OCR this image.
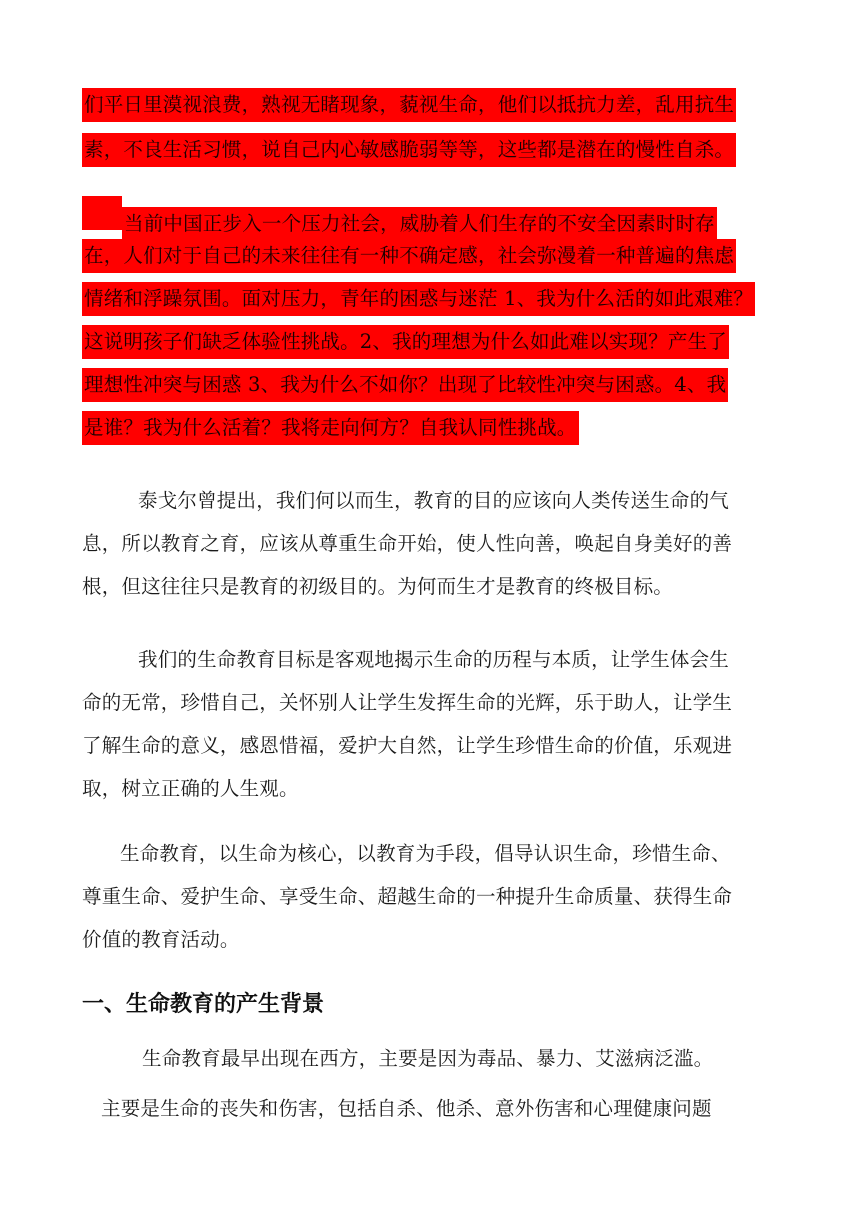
们平日里漠视浪费，熟视无睹现象，藐视生命，他们以抵抗力差，乱用抗生
素，不良生活习惯，说自己内心敏感脆弱等等，这些都是潜在的慢性自杀。
当前中国正步入一个压力社会，威胁着人们生存的不安全因素时时存
在，人们对于自己的未来往往有一种不确定感，社会弥漫着一种普遍的焦虑
情绪和浮躁氛围。面对压力，青年的困惑与迷茫 1、我为什么活的如此艰难？
这说明孩子们缺乏体验性挑战。2、我的理想为什么如此难以实现？产生了
理想性冲突与困惑 3、我为什么不如你？出现了比较性冲突与困惑。4、我
是谁？我为什么活着？我将走向何方？自我认同性挑战。
泰戈尔曾提出，我们何以而生，教育的目的应该向人类传送生命的气
息，所以教育之育，应该从尊重生命开始，使人性向善，唤起自身美好的善
根，但这往往只是教育的初级目的。为何而生才是教育的终极目标。
我们的生命教育目标是客观地揭示生命的历程与本质，让学生体会生
命的无常，珍惜自己，关怀别人让学生发挥生命的光辉，乐于助人，让学生
了解生命的意义，感恩惜福，爱护大自然，让学生珍惜生命的价值，乐观进
取，树立正确的人生观。
生命教育，以生命为核心，以教育为手段，倡导认识生命，珍惜生命、
尊重生命、爱护生命、享受生命、超越生命的一种提升生命质量、获得生命
价值的教育活动。
一、生命教育的产生背景
生命教育最早出现在西方，主要是因为毒品、暴力、艾滋病泛滥。
主要是生命的丧失和伤害，包括自杀、他杀、意外伤害和心理健康问题
